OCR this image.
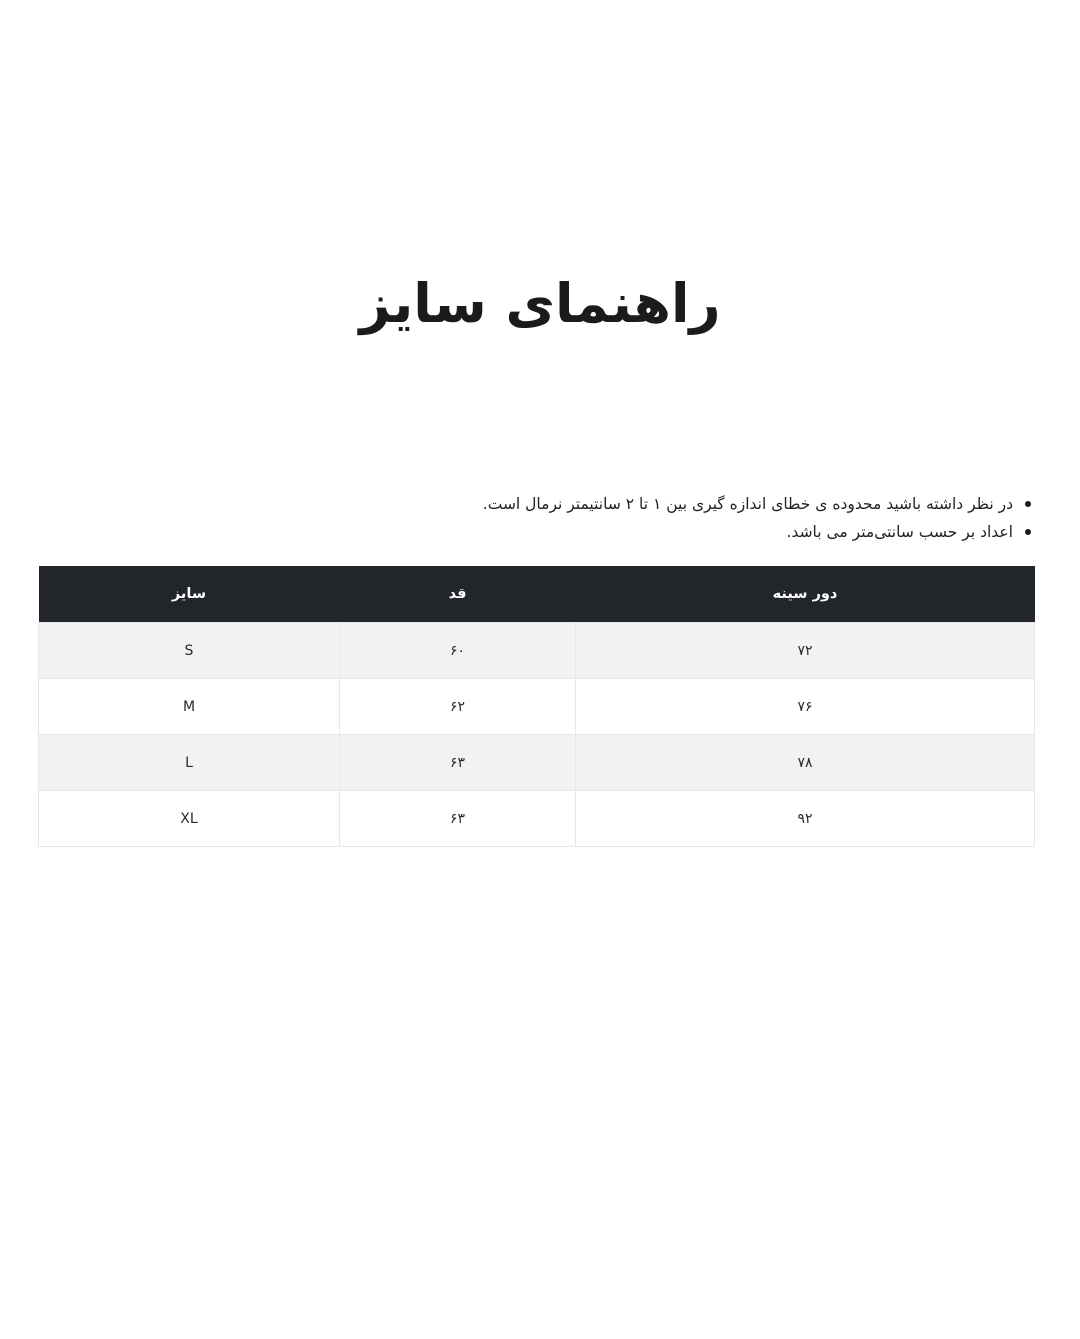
راهنمای سایز
در نظر داشته باشید محدوده ی خطای اندازه گیری بین ۱ تا ۲ سانتیمتر نرمال است.
اعداد بر حسب سانتی‌متر می باشد.
دور سینه	قد	سایز
۷۲	۶۰	S
۷۶	۶۲	M
۷۸	۶۳	L
۹۲	۶۳	XL
